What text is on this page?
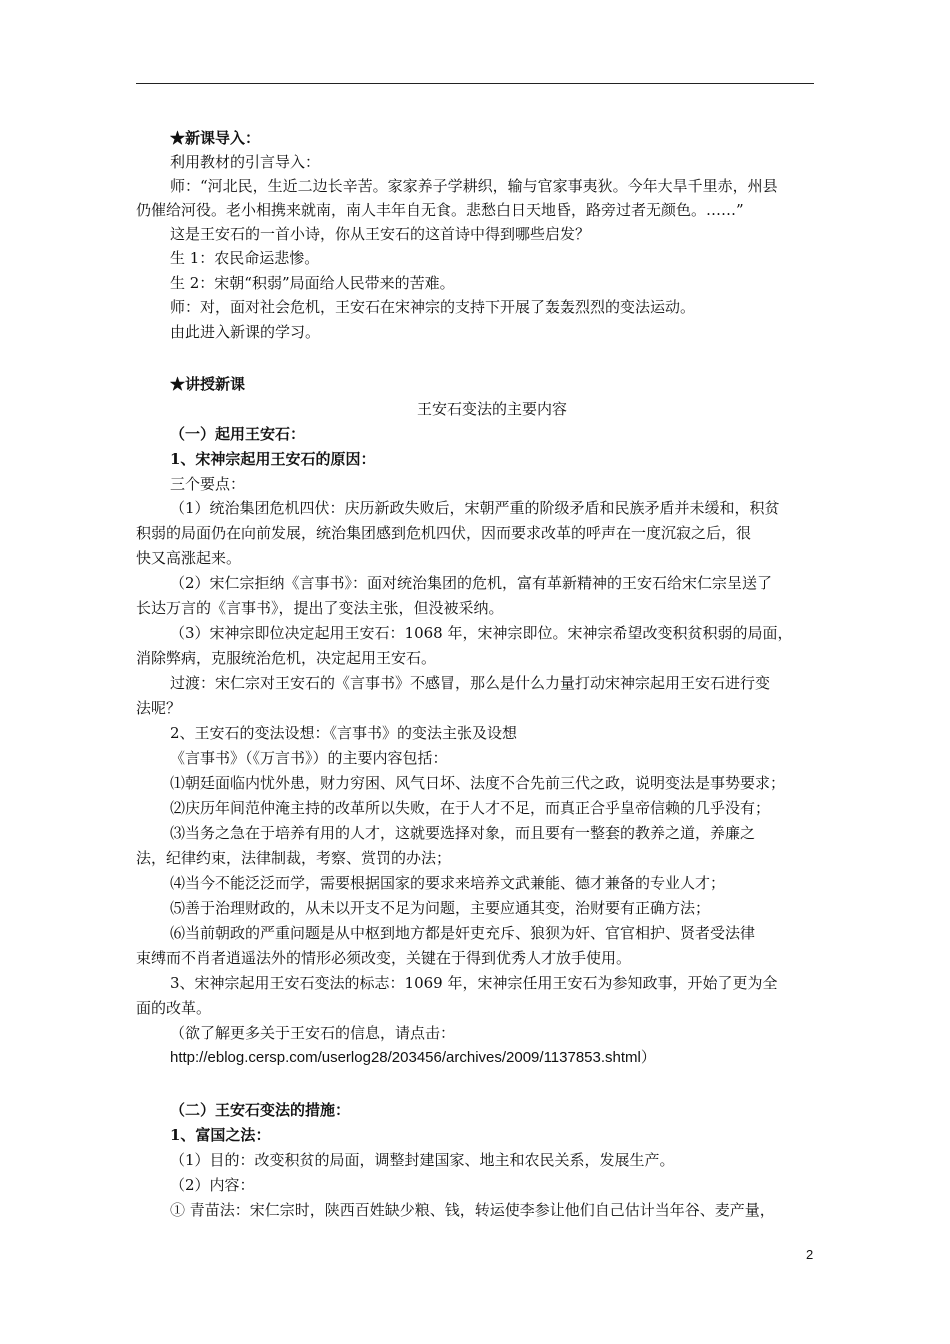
★新课导入：
利用教材的引言导入：
师：“河北民，生近二边长辛苦。家家养子学耕织，输与官家事夷狄。今年大旱千里赤，州县
仍催给河役。老小相携来就南，南人丰年自无食。悲愁白日天地昏，路旁过者无颜色。……”
这是王安石的一首小诗，你从王安石的这首诗中得到哪些启发？
生 1：农民命运悲惨。
生 2：宋朝“积弱”局面给人民带来的苦难。
师：对，面对社会危机，王安石在宋神宗的支持下开展了轰轰烈烈的变法运动。
由此进入新课的学习。
★讲授新课
王安石变法的主要内容
（一）起用王安石：
1、宋神宗起用王安石的原因：
三个要点：
（1）统治集团危机四伏：庆历新政失败后，宋朝严重的阶级矛盾和民族矛盾并未缓和，积贫
积弱的局面仍在向前发展，统治集团感到危机四伏，因而要求改革的呼声在一度沉寂之后，很
快又高涨起来。
（2）宋仁宗拒纳《言事书》：面对统治集团的危机，富有革新精神的王安石给宋仁宗呈送了
长达万言的《言事书》，提出了变法主张，但没被采纳。
（3）宋神宗即位决定起用王安石：1068 年，宋神宗即位。宋神宗希望改变积贫积弱的局面，
消除弊病，克服统治危机，决定起用王安石。
过渡：宋仁宗对王安石的《言事书》不感冒，那么是什么力量打动宋神宗起用王安石进行变
法呢？
2、王安石的变法设想：《言事书》的变法主张及设想
《言事书》（《万言书》）的主要内容包括：
⑴朝廷面临内忧外患，财力穷困、风气日坏、法度不合先前三代之政，说明变法是事势要求；
⑵庆历年间范仲淹主持的改革所以失败，在于人才不足，而真正合乎皇帝信赖的几乎没有；
⑶当务之急在于培养有用的人才，这就要选择对象，而且要有一整套的教养之道，养廉之
法，纪律约束，法律制裁，考察、赏罚的办法；
⑷当今不能泛泛而学，需要根据国家的要求来培养文武兼能、德才兼备的专业人才；
⑸善于治理财政的，从未以开支不足为问题，主要应通其变，治财要有正确方法；
⑹当前朝政的严重问题是从中枢到地方都是奸吏充斥、狼狈为奸、官官相护、贤者受法律
束缚而不肖者逍遥法外的情形必须改变，关键在于得到优秀人才放手使用。
3、宋神宗起用王安石变法的标志：1069 年，宋神宗任用王安石为参知政事，开始了更为全
面的改革。
（欲了解更多关于王安石的信息，请点击：
http://eblog.cersp.com/userlog28/203456/archives/2009/1137853.shtml）
（二）王安石变法的措施：
1、富国之法：
（1）目的：改变积贫的局面，调整封建国家、地主和农民关系，发展生产。
（2）内容：
① 青苗法：宋仁宗时，陕西百姓缺少粮、钱，转运使李参让他们自己估计当年谷、麦产量，
2
